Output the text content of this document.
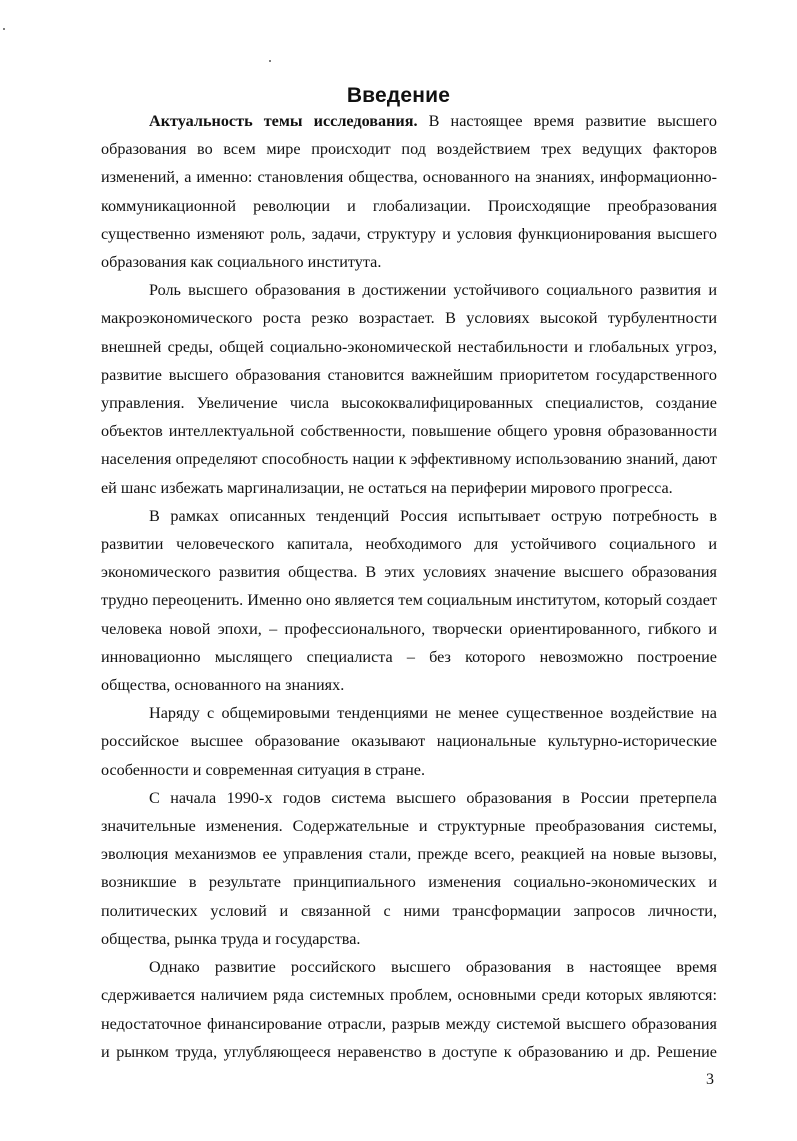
Введение

Актуальность темы исследования. В настоящее время развитие высшего образования во всем мире происходит под воздействием трех ведущих факторов изменений, а именно: становления общества, основанного на знаниях, информационно-коммуникационной революции и глобализации. Происходящие преобразования существенно изменяют роль, задачи, структуру и условия функционирования высшего образования как социального института.

Роль высшего образования в достижении устойчивого социального развития и макроэкономического роста резко возрастает. В условиях высокой турбулентности внешней среды, общей социально-экономической нестабильности и глобальных угроз, развитие высшего образования становится важнейшим приоритетом государственного управления. Увеличение числа высококвалифицированных специалистов, создание объектов интеллектуальной собственности, повышение общего уровня образованности населения определяют способность нации к эффективному использованию знаний, дают ей шанс избежать маргинализации, не остаться на периферии мирового прогресса.

В рамках описанных тенденций Россия испытывает острую потребность в развитии человеческого капитала, необходимого для устойчивого социального и экономического развития общества. В этих условиях значение высшего образования трудно переоценить. Именно оно является тем социальным институтом, который создает человека новой эпохи, – профессионального, творчески ориентированного, гибкого и инновационно мыслящего специалиста – без которого невозможно построение общества, основанного на знаниях.

Наряду с общемировыми тенденциями не менее существенное воздействие на российское высшее образование оказывают национальные культурно-исторические особенности и современная ситуация в стране.

С начала 1990-х годов система высшего образования в России претерпела значительные изменения. Содержательные и структурные преобразования системы, эволюция механизмов ее управления стали, прежде всего, реакцией на новые вызовы, возникшие в результате принципиального изменения социально-экономических и политических условий и связанной с ними трансформации запросов личности, общества, рынка труда и государства.

Однако развитие российского высшего образования в настоящее время сдерживается наличием ряда системных проблем, основными среди которых являются: недостаточное финансирование отрасли, разрыв между системой высшего образования и рынком труда, углубляющееся неравенство в доступе к образованию и др. Решение

3
